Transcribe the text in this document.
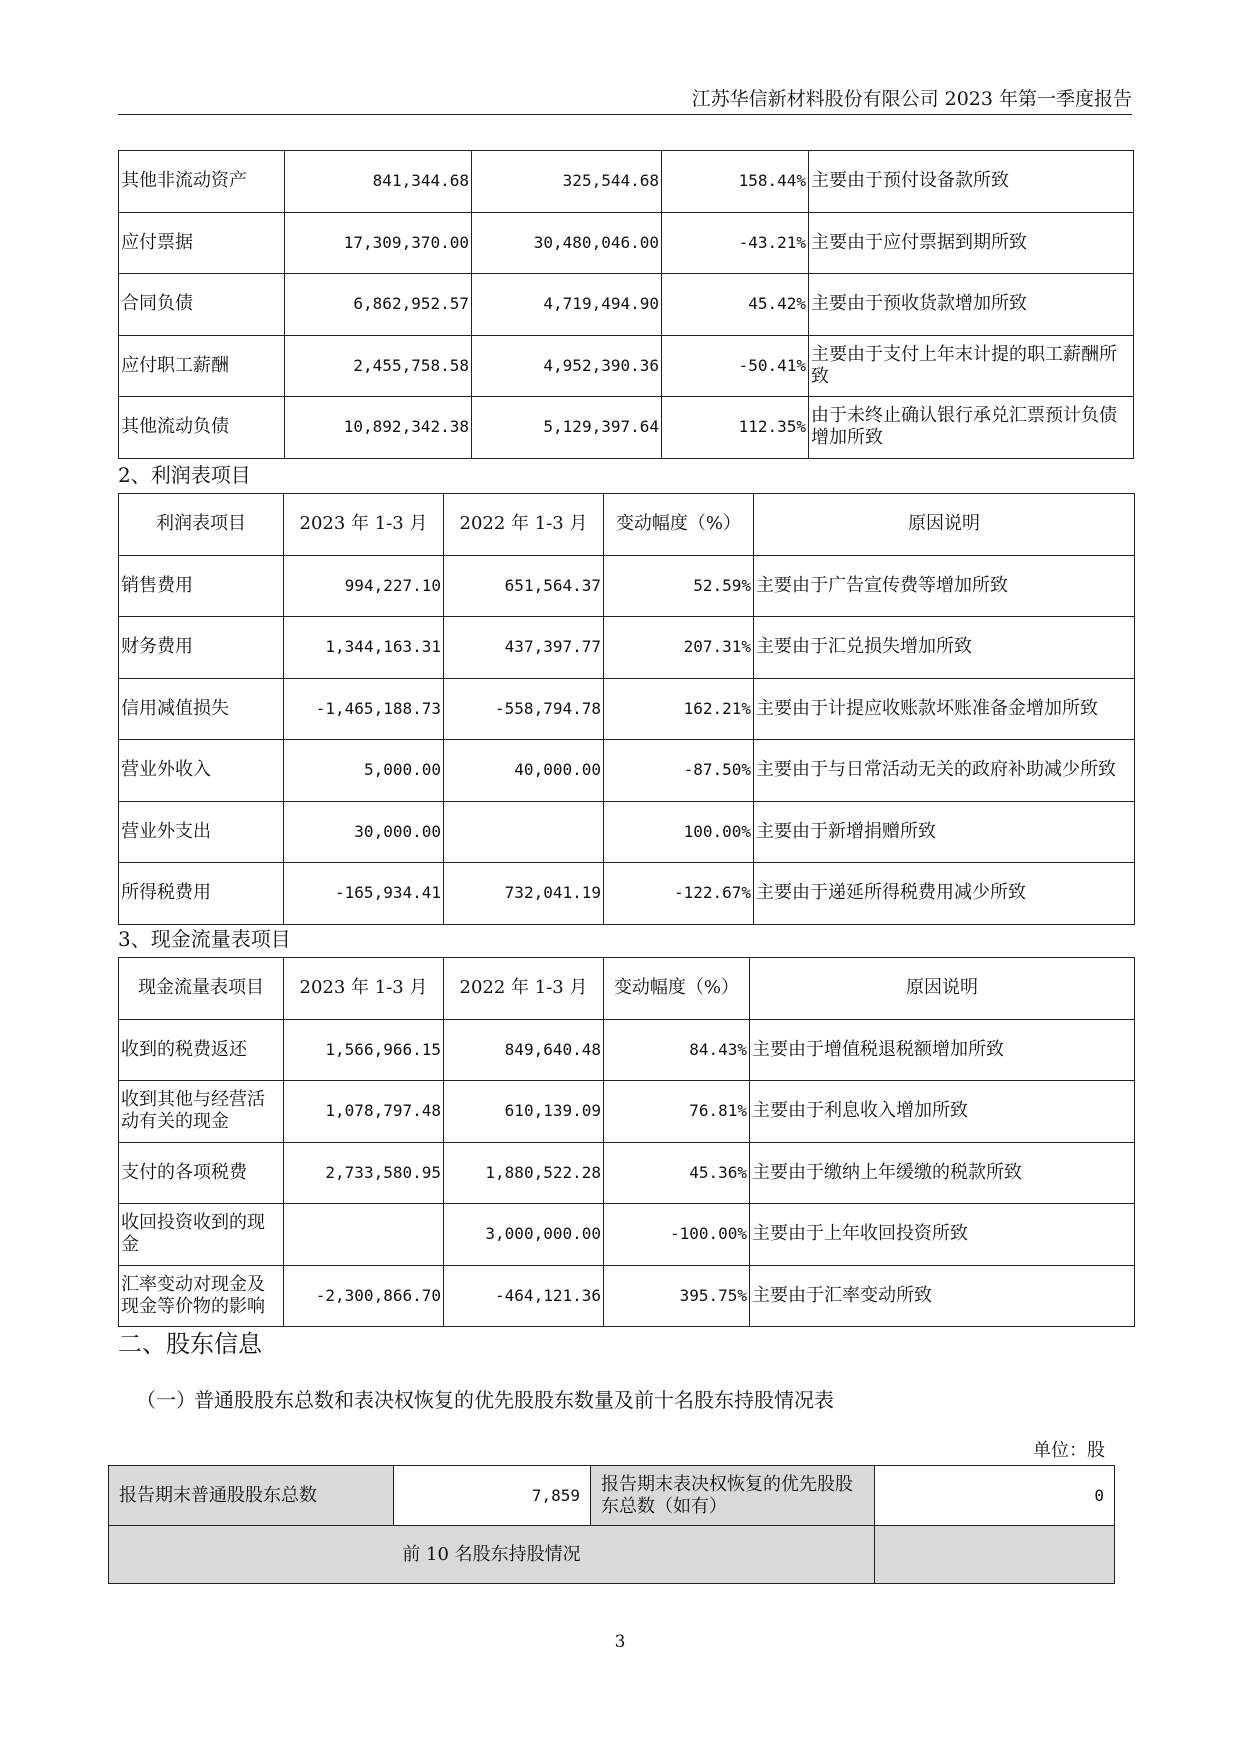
江苏华信新材料股份有限公司 2023 年第一季度报告
其他非流动资产	841,344.68	325,544.68	158.44%	主要由于预付设备款所致
应付票据	17,309,370.00	30,480,046.00	-43.21%	主要由于应付票据到期所致
合同负债	6,862,952.57	4,719,494.90	45.42%	主要由于预收货款增加所致
应付职工薪酬	2,455,758.58	4,952,390.36	-50.41%	主要由于支付上年末计提的职工薪酬所致
其他流动负债	10,892,342.38	5,129,397.64	112.35%	由于未终止确认银行承兑汇票预计负债增加所致
2、利润表项目
利润表项目	2023 年 1-3 月	2022 年 1-3 月	变动幅度（%）	原因说明
销售费用	994,227.10	651,564.37	52.59%	主要由于广告宣传费等增加所致
财务费用	1,344,163.31	437,397.77	207.31%	主要由于汇兑损失增加所致
信用减值损失	-1,465,188.73	-558,794.78	162.21%	主要由于计提应收账款坏账准备金增加所致
营业外收入	5,000.00	40,000.00	-87.50%	主要由于与日常活动无关的政府补助减少所致
营业外支出	30,000.00		100.00%	主要由于新增捐赠所致
所得税费用	-165,934.41	732,041.19	-122.67%	主要由于递延所得税费用减少所致
3、现金流量表项目
现金流量表项目	2023 年 1-3 月	2022 年 1-3 月	变动幅度（%）	原因说明
收到的税费返还	1,566,966.15	849,640.48	84.43%	主要由于增值税退税额增加所致
收到其他与经营活动有关的现金	1,078,797.48	610,139.09	76.81%	主要由于利息收入增加所致
支付的各项税费	2,733,580.95	1,880,522.28	45.36%	主要由于缴纳上年缓缴的税款所致
收回投资收到的现金		3,000,000.00	-100.00%	主要由于上年收回投资所致
汇率变动对现金及现金等价物的影响	-2,300,866.70	-464,121.36	395.75%	主要由于汇率变动所致
二、股东信息
（一）普通股股东总数和表决权恢复的优先股股东数量及前十名股东持股情况表
单位：股
报告期末普通股股东总数	7,859	报告期末表决权恢复的优先股股东总数（如有）	0
前 10 名股东持股情况			
3
